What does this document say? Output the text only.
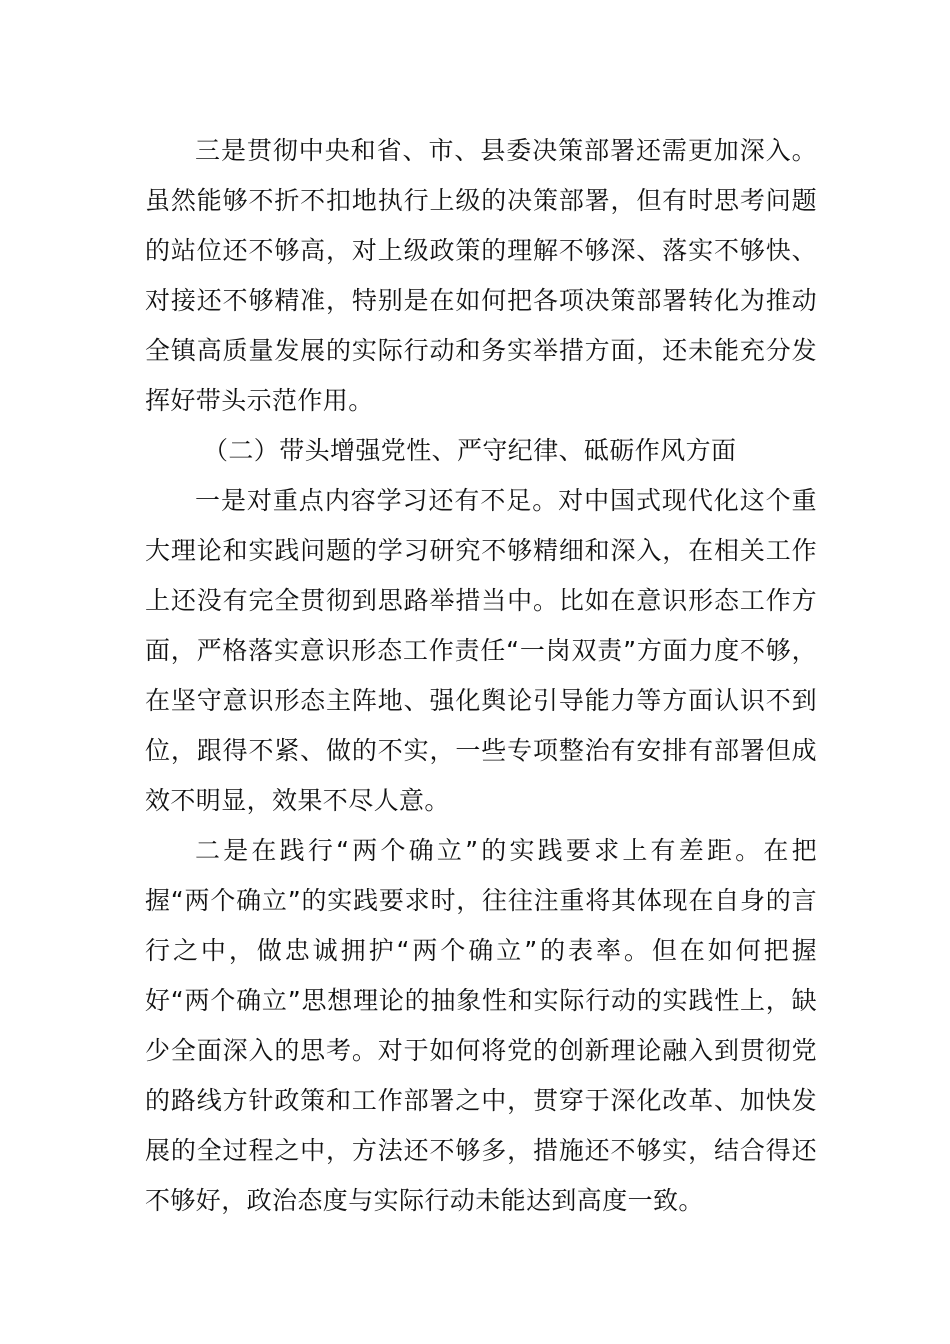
三是贯彻中央和省、市、县委决策部署还需更加深入。虽然能够不折不扣地执行上级的决策部署，但有时思考问题的站位还不够高，对上级政策的理解不够深、落实不够快、对接还不够精准，特别是在如何把各项决策部署转化为推动全镇高质量发展的实际行动和务实举措方面，还未能充分发挥好带头示范作用。

（二）带头增强党性、严守纪律、砥砺作风方面

一是对重点内容学习还有不足。对中国式现代化这个重大理论和实践问题的学习研究不够精细和深入，在相关工作上还没有完全贯彻到思路举措当中。比如在意识形态工作方面，严格落实意识形态工作责任“一岗双责”方面力度不够，在坚守意识形态主阵地、强化舆论引导能力等方面认识不到位，跟得不紧、做的不实，一些专项整治有安排有部署但成效不明显，效果不尽人意。

二是在践行“两个确立”的实践要求上有差距。在把握“两个确立”的实践要求时，往往注重将其体现在自身的言行之中，做忠诚拥护“两个确立”的表率。但在如何把握好“两个确立”思想理论的抽象性和实际行动的实践性上，缺少全面深入的思考。对于如何将党的创新理论融入到贯彻党的路线方针政策和工作部署之中，贯穿于深化改革、加快发展的全过程之中，方法还不够多，措施还不够实，结合得还不够好，政治态度与实际行动未能达到高度一致。
